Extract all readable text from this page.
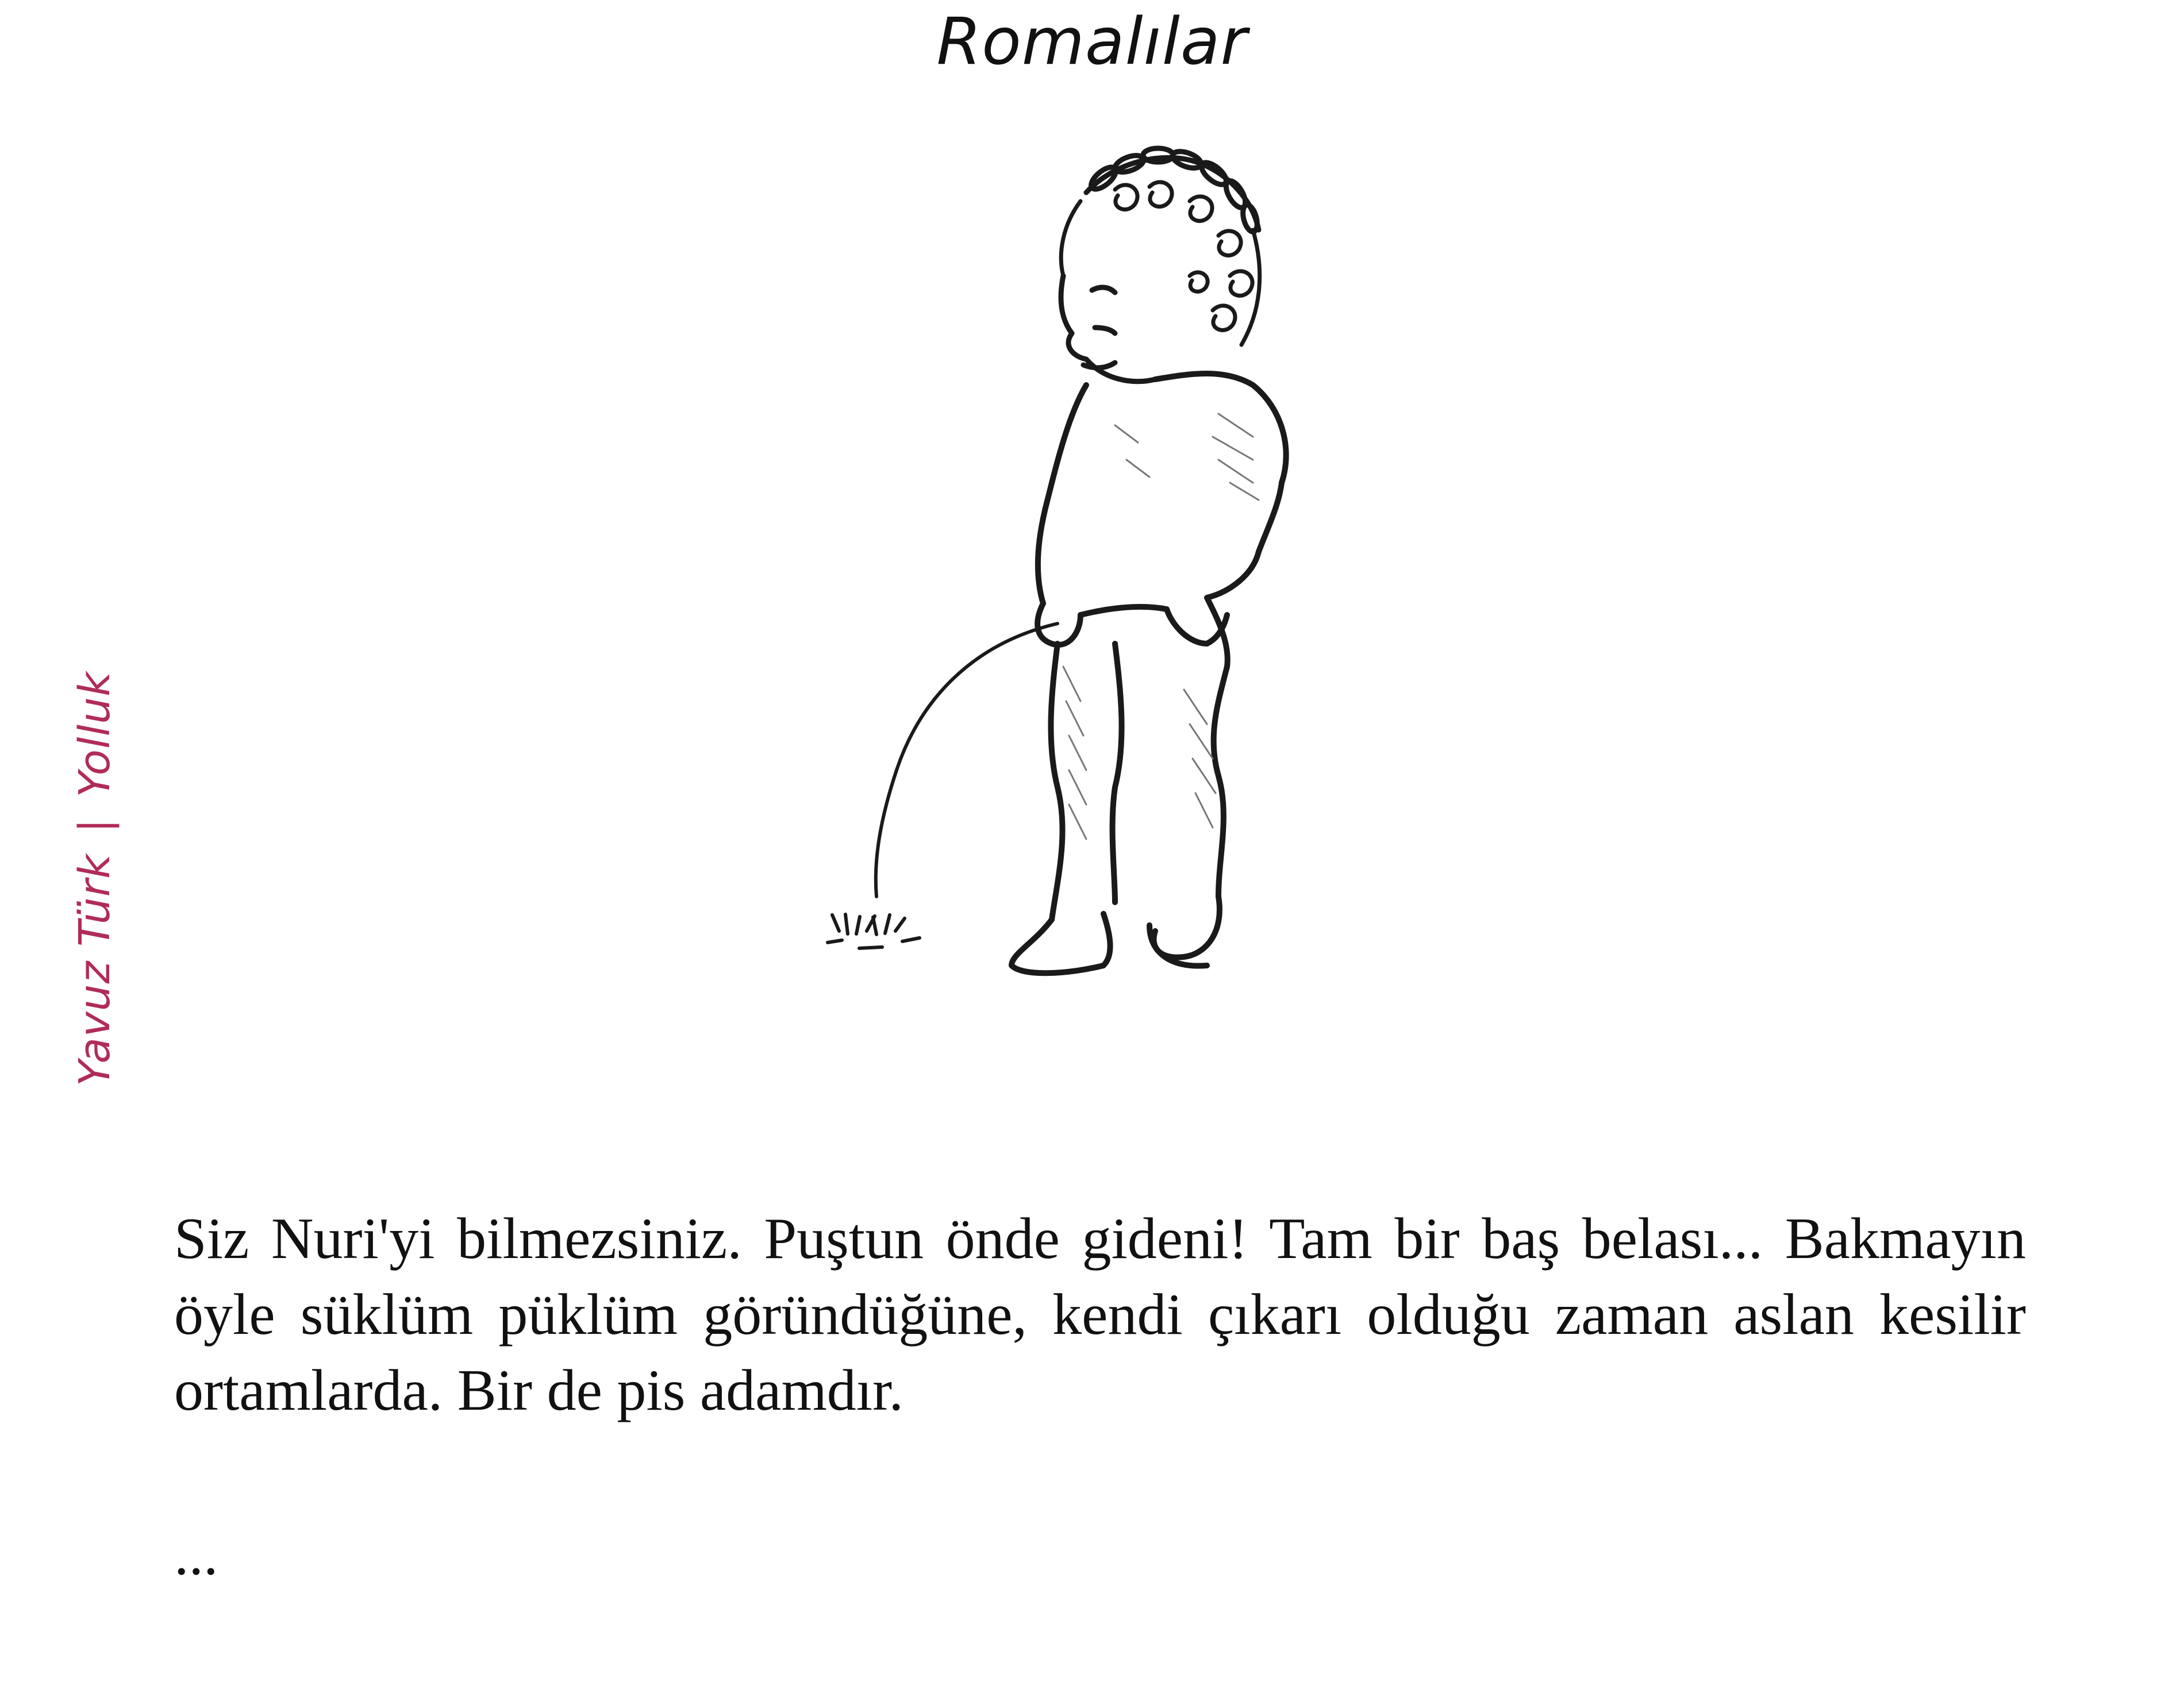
Romalılar
Yavuz Türk|Yolluk
Siz Nuri'yi bilmezsiniz. Puştun önde gideni! Tam bir baş belası... Bakmayın öyle süklüm püklüm göründüğüne, kendi çıkarı olduğu zaman aslan kesilir ortamlarda. Bir de pis adamdır.
...
